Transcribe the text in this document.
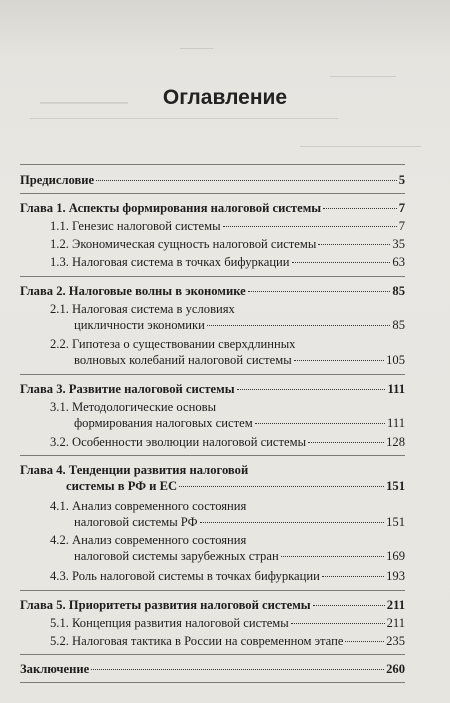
———
————
——————
————————————————————————————
———————————
Оглавление
Предисловие	5
Глава 1. Аспекты формирования налоговой системы	7
1.1. Генезис налоговой системы	7
1.2. Экономическая сущность налоговой системы	35
1.3. Налоговая система в точках бифуркации	63
Глава 2. Налоговые волны в экономике	85
2.1. Налоговая система в условиях
цикличности экономики	85
2.2. Гипотеза о существовании сверхдлинных
волновых колебаний налоговой системы	105
Глава 3. Развитие налоговой системы	111
3.1. Методологические основы
формирования налоговых систем	111
3.2. Особенности эволюции налоговой системы	128
Глава 4. Тенденции развития налоговой
системы в РФ и ЕС	151
4.1. Анализ современного состояния
налоговой системы РФ	151
4.2. Анализ современного состояния
налоговой системы зарубежных стран	169
4.3. Роль налоговой системы в точках бифуркации	193
Глава 5. Приоритеты развития налоговой системы	211
5.1. Концепция развития налоговой системы	211
5.2. Налоговая тактика в России на современном этапе	235
Заключение	260
